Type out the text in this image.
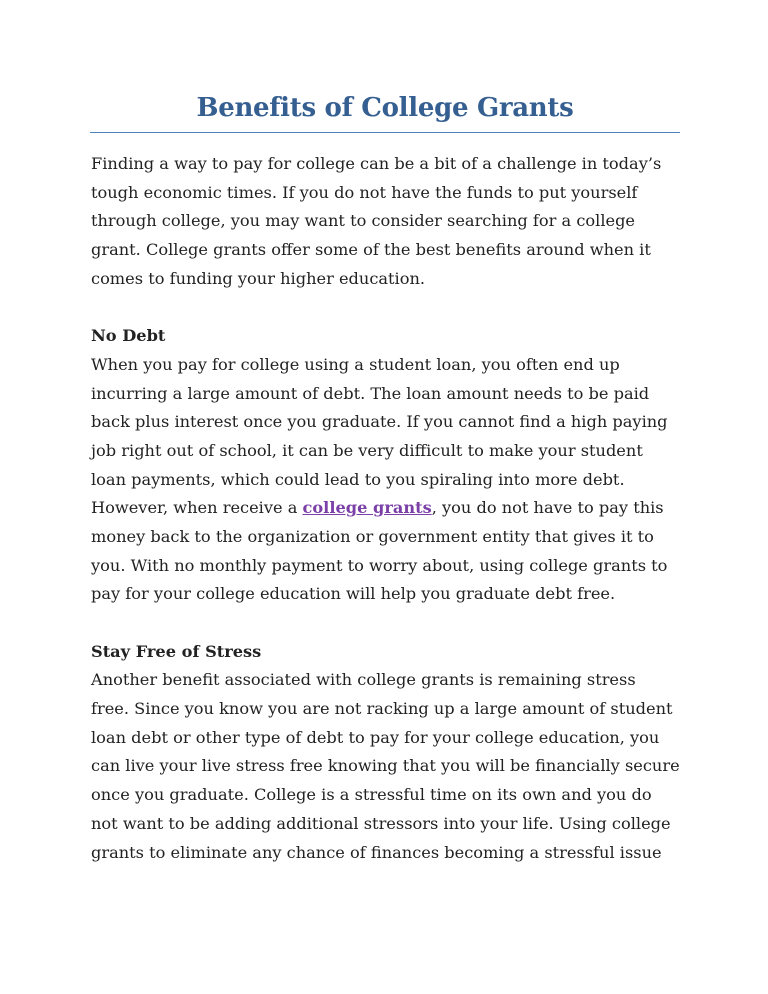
Benefits of College Grants
Finding a way to pay for college can be a bit of a challenge in today’s
tough economic times. If you do not have the funds to put yourself
through college, you may want to consider searching for a college
grant. College grants offer some of the best benefits around when it
comes to funding your higher education.
No Debt
When you pay for college using a student loan, you often end up
incurring a large amount of debt. The loan amount needs to be paid
back plus interest once you graduate. If you cannot find a high paying
job right out of school, it can be very difficult to make your student
loan payments, which could lead to you spiraling into more debt.
However, when receive a college grants, you do not have to pay this
money back to the organization or government entity that gives it to
you. With no monthly payment to worry about, using college grants to
pay for your college education will help you graduate debt free.
Stay Free of Stress
Another benefit associated with college grants is remaining stress
free. Since you know you are not racking up a large amount of student
loan debt or other type of debt to pay for your college education, you
can live your live stress free knowing that you will be financially secure
once you graduate. College is a stressful time on its own and you do
not want to be adding additional stressors into your life. Using college
grants to eliminate any chance of finances becoming a stressful issue
